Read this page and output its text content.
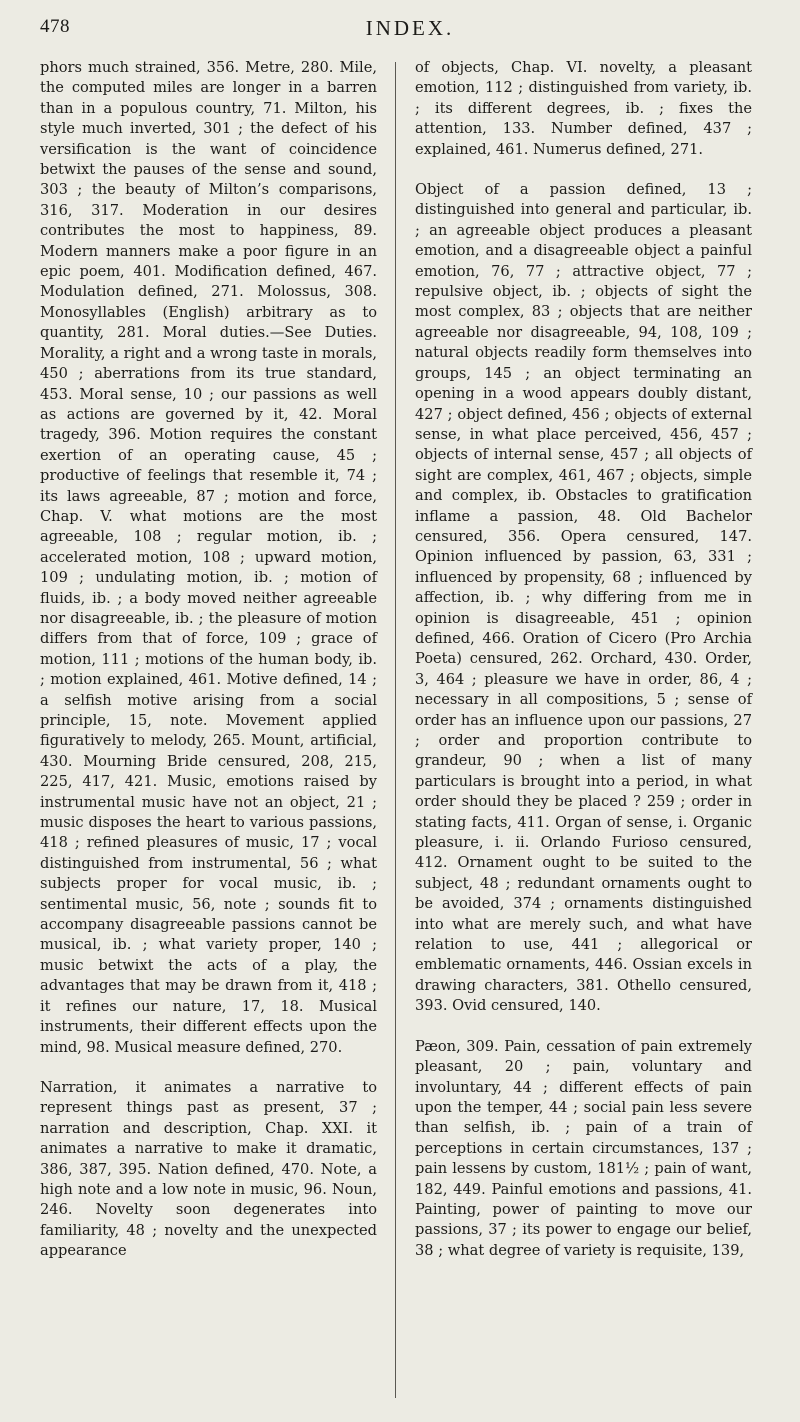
478	INDEX.

phors much strained, 356. Metre, 280. Mile, the computed miles are longer in a barren than in a populous country, 71. Milton, his style much inverted, 301 ; the defect of his versification is the want of coincidence betwixt the pauses of the sense and sound, 303 ; the beauty of Milton’s comparisons, 316, 317. Moderation in our desires contributes the most to happiness, 89. Modern manners make a poor figure in an epic poem, 401. Modification defined, 467. Modulation defined, 271. Molossus, 308. Monosyllables (English) arbitrary as to quantity, 281. Moral duties.—See Duties. Morality, a right and a wrong taste in morals, 450 ; aberrations from its true standard, 453. Moral sense, 10 ; our passions as well as actions are governed by it, 42. Moral tragedy, 396. Motion requires the constant exertion of an operating cause, 45 ; productive of feelings that resemble it, 74 ; its laws agreeable, 87 ; motion and force, Chap. V. what motions are the most agreeable, 108 ; regular motion, ib. ; accelerated motion, 108 ; upward motion, 109 ; undulating motion, ib. ; motion of fluids, ib. ; a body moved neither agreeable nor disagreeable, ib. ; the pleasure of motion differs from that of force, 109 ; grace of motion, 111 ; motions of the human body, ib. ; motion explained, 461. Motive defined, 14 ; a selfish motive arising from a social principle, 15, note. Movement applied figuratively to melody, 265. Mount, artificial, 430. Mourning Bride censured, 208, 215, 225, 417, 421. Music, emotions raised by instrumental music have not an object, 21 ; music disposes the heart to various passions, 418 ; refined pleasures of music, 17 ; vocal distinguished from instrumental, 56 ; what subjects proper for vocal music, ib. ; sentimental music, 56, note ; sounds fit to accompany disagreeable passions cannot be musical, ib. ; what variety proper, 140 ; music betwixt the acts of a play, the advantages that may be drawn from it, 418 ; it refines our nature, 17, 18. Musical instruments, their different effects upon the mind, 98. Musical measure defined, 270.

Narration, it animates a narrative to represent things past as present, 37 ; narration and description, Chap. XXI. it animates a narrative to make it dramatic, 386, 387, 395. Nation defined, 470. Note, a high note and a low note in music, 96. Noun, 246. Novelty soon degenerates into familiarity, 48 ; novelty and the unexpected appearance

of objects, Chap. VI. novelty, a pleasant emotion, 112 ; distinguished from variety, ib. ; its different degrees, ib. ; fixes the attention, 133. Number defined, 437 ; explained, 461. Numerus defined, 271.

Object of a passion defined, 13 ; distinguished into general and particular, ib. ; an agreeable object produces a pleasant emotion, and a disagreeable object a painful emotion, 76, 77 ; attractive object, 77 ; repulsive object, ib. ; objects of sight the most complex, 83 ; objects that are neither agreeable nor disagreeable, 94, 108, 109 ; natural objects readily form themselves into groups, 145 ; an object terminating an opening in a wood appears doubly distant, 427 ; object defined, 456 ; objects of external sense, in what place perceived, 456, 457 ; objects of internal sense, 457 ; all objects of sight are complex, 461, 467 ; objects, simple and complex, ib. Obstacles to gratification inflame a passion, 48. Old Bachelor censured, 356. Opera censured, 147. Opinion influenced by passion, 63, 331 ; influenced by propensity, 68 ; influenced by affection, ib. ; why differing from me in opinion is disagreeable, 451 ; opinion defined, 466. Oration of Cicero (Pro Archia Poeta) censured, 262. Orchard, 430. Order, 3, 464 ; pleasure we have in order, 86, 4 ; necessary in all compositions, 5 ; sense of order has an influence upon our passions, 27 ; order and proportion contribute to grandeur, 90 ; when a list of many particulars is brought into a period, in what order should they be placed ? 259 ; order in stating facts, 411. Organ of sense, i. Organic pleasure, i. ii. Orlando Furioso censured, 412. Ornament ought to be suited to the subject, 48 ; redundant ornaments ought to be avoided, 374 ; ornaments distinguished into what are merely such, and what have relation to use, 441 ; allegorical or emblematic ornaments, 446. Ossian excels in drawing characters, 381. Othello censured, 393. Ovid censured, 140.

Pæon, 309. Pain, cessation of pain extremely pleasant, 20 ; pain, voluntary and involuntary, 44 ; different effects of pain upon the temper, 44 ; social pain less severe than selfish, ib. ; pain of a train of perceptions in certain circumstances, 137 ; pain lessens by custom, 181½ ; pain of want, 182, 449. Painful emotions and passions, 41. Painting, power of painting to move our passions, 37 ; its power to engage our belief, 38 ; what degree of variety is requisite, 139,
